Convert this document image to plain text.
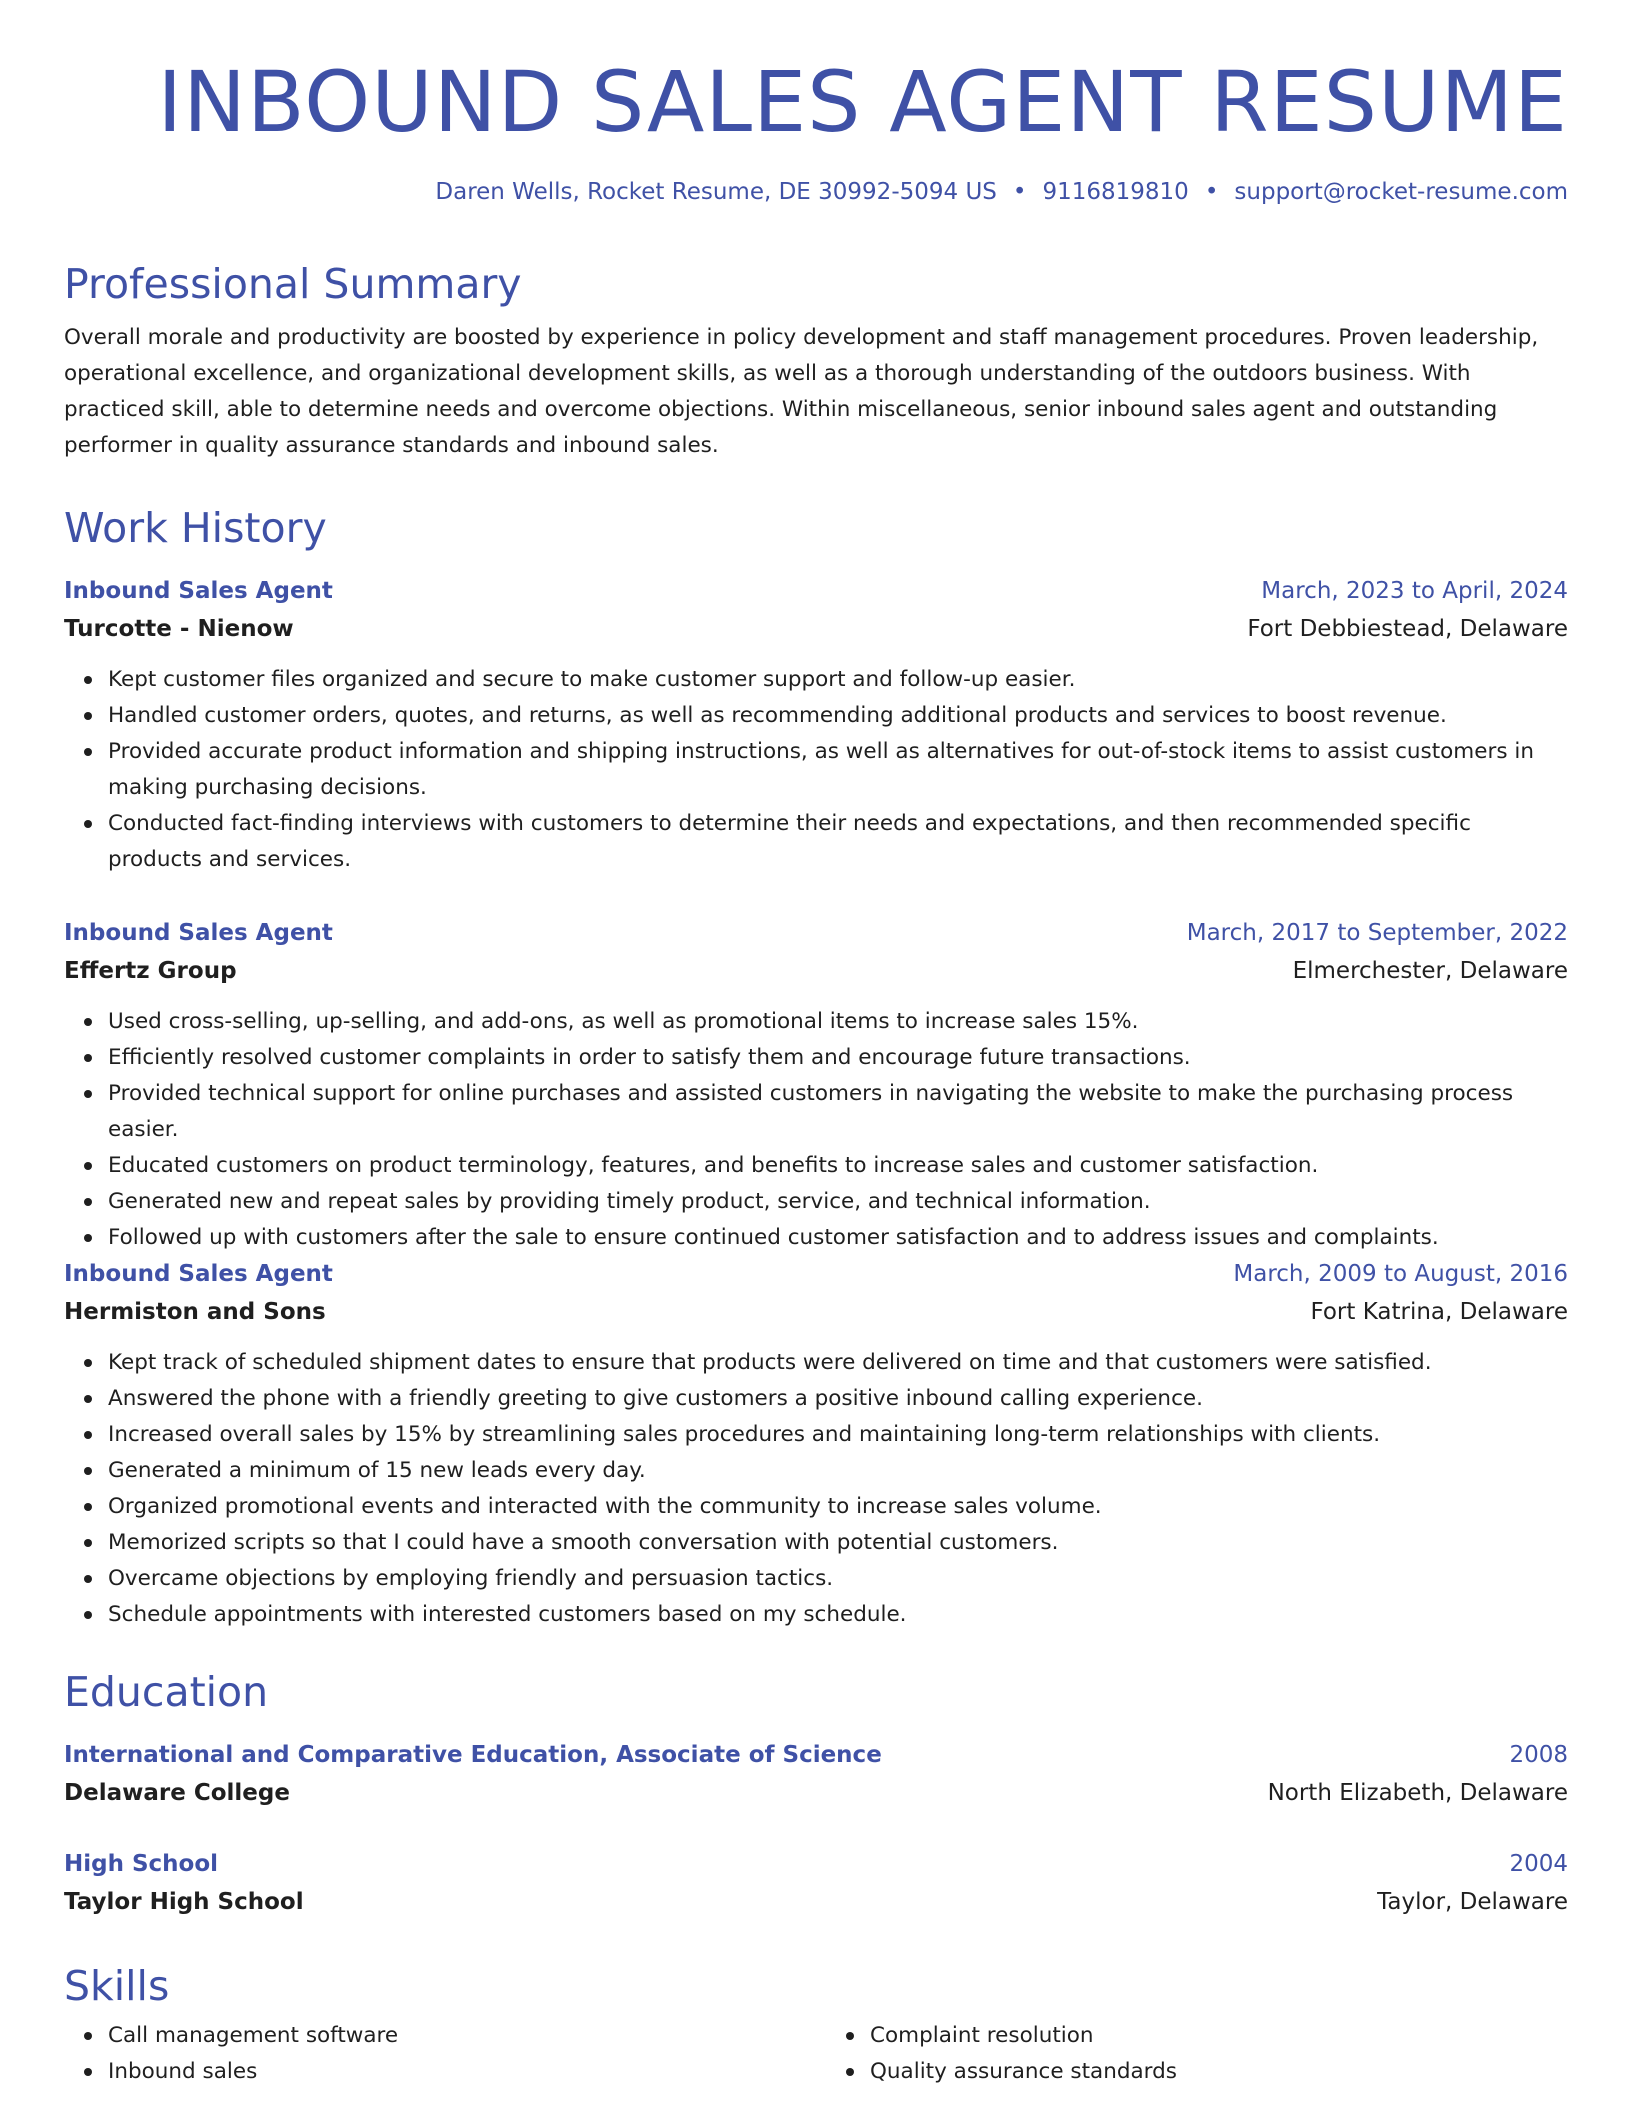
INBOUND SALES AGENT RESUME
Daren Wells, Rocket Resume, DE 30992-5094 US • 9116819810 • support@rocket-resume.com
Professional Summary
Overall morale and productivity are boosted by experience in policy development and staff management procedures. Proven leadership, operational excellence, and organizational development skills, as well as a thorough understanding of the outdoors business. With practiced skill, able to determine needs and overcome objections. Within miscellaneous, senior inbound sales agent and outstanding performer in quality assurance standards and inbound sales.
Work History
Inbound Sales Agent	March, 2023 to April, 2024
Turcotte - Nienow	Fort Debbiestead, Delaware
Kept customer files organized and secure to make customer support and follow-up easier.
Handled customer orders, quotes, and returns, as well as recommending additional products and services to boost revenue.
Provided accurate product information and shipping instructions, as well as alternatives for out-of-stock items to assist customers in making purchasing decisions.
Conducted fact-finding interviews with customers to determine their needs and expectations, and then recommended specific products and services.
Inbound Sales Agent	March, 2017 to September, 2022
Effertz Group	Elmerchester, Delaware
Used cross-selling, up-selling, and add-ons, as well as promotional items to increase sales 15%.
Efficiently resolved customer complaints in order to satisfy them and encourage future transactions.
Provided technical support for online purchases and assisted customers in navigating the website to make the purchasing process easier.
Educated customers on product terminology, features, and benefits to increase sales and customer satisfaction.
Generated new and repeat sales by providing timely product, service, and technical information.
Followed up with customers after the sale to ensure continued customer satisfaction and to address issues and complaints.
Inbound Sales Agent	March, 2009 to August, 2016
Hermiston and Sons	Fort Katrina, Delaware
Kept track of scheduled shipment dates to ensure that products were delivered on time and that customers were satisfied.
Answered the phone with a friendly greeting to give customers a positive inbound calling experience.
Increased overall sales by 15% by streamlining sales procedures and maintaining long-term relationships with clients.
Generated a minimum of 15 new leads every day.
Organized promotional events and interacted with the community to increase sales volume.
Memorized scripts so that I could have a smooth conversation with potential customers.
Overcame objections by employing friendly and persuasion tactics.
Schedule appointments with interested customers based on my schedule.
Education
International and Comparative Education, Associate of Science	2008
Delaware College	North Elizabeth, Delaware
High School	2004
Taylor High School	Taylor, Delaware
Skills
Call management software
Inbound sales
Complaint resolution
Quality assurance standards
